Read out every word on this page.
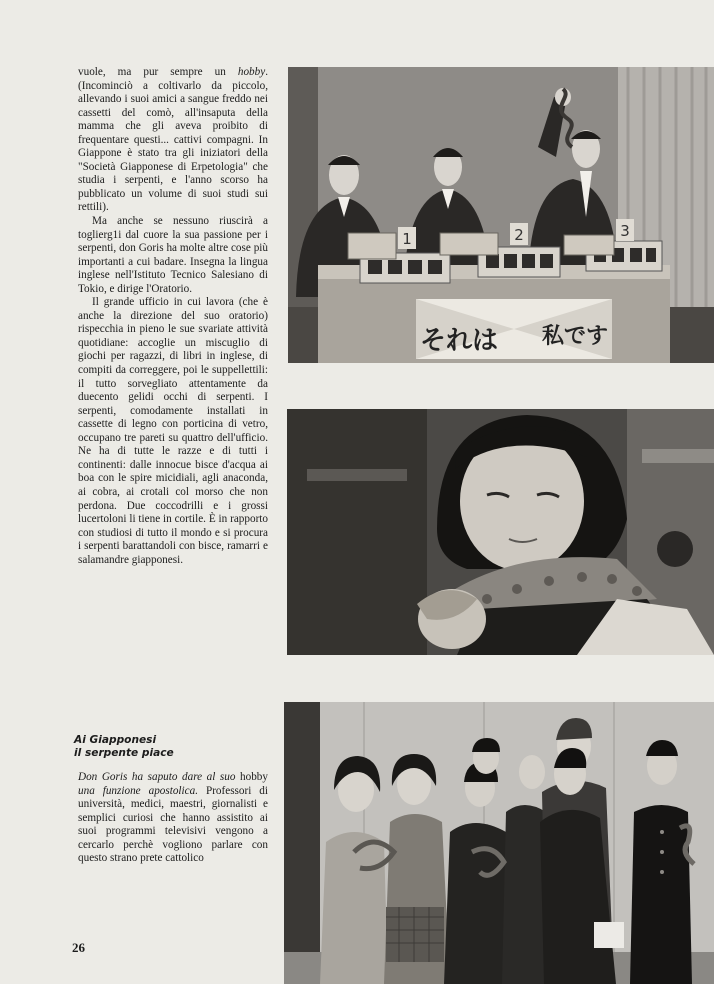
vuole, ma pur sempre un hobby. (Incominciò a coltivarlo da piccolo, allevando i suoi amici a sangue freddo nei cassetti del comò, all'insaputa della mamma che gli aveva proibito di frequentare questi... cattivi compagni. In Giappone è stato tra gli iniziatori della "Società Giapponese di Erpetologia" che studia i serpenti, e l'anno scorso ha pubblicato un volume di suoi studi sui rettili).

Ma anche se nessuno riuscirà a toglierg1i dal cuore la sua passione per i serpenti, don Goris ha molte altre cose più importanti a cui badare. Insegna la lingua inglese nell'Istituto Tecnico Salesiano di Tokio, e dirige l'Oratorio.

Il grande ufficio in cui lavora (che è anche la direzione del suo oratorio) rispecchia in pieno le sue svariate attività quotidiane: accoglie un miscuglio di giochi per ragazzi, di libri in inglese, di compiti da correggere, poi le suppellettili: il tutto sorvegliato attentamente da duecento gelidi occhi di serpenti. I serpenti, comodamente installati in cassette di legno con porticina di vetro, occupano tre pareti su quattro dell'ufficio. Ne ha di tutte le razze e di tutti i continenti: dalle innocue bisce d'acqua ai boa con le spire micidiali, agli anaconda, ai cobra, ai crotali col morso che non perdona. Due coccodrilli e i grossi lucertoloni li tiene in cortile. È in rapporto con studiosi di tutto il mondo e si procura i serpenti barattandoli con bisce, ramarri e salamandre giapponesi.

Ai Giapponesi
il serpente piace
Don Goris ha saputo dare al suo hobby una funzione apostolica. Professori di università, medici, maestri, giornalisti e semplici curiosi che hanno assistito ai suoi programmi televisivi vengono a cercarlo perchè vogliono parlare con questo strano prete cattolico
26
1	2	3
それは 私です
